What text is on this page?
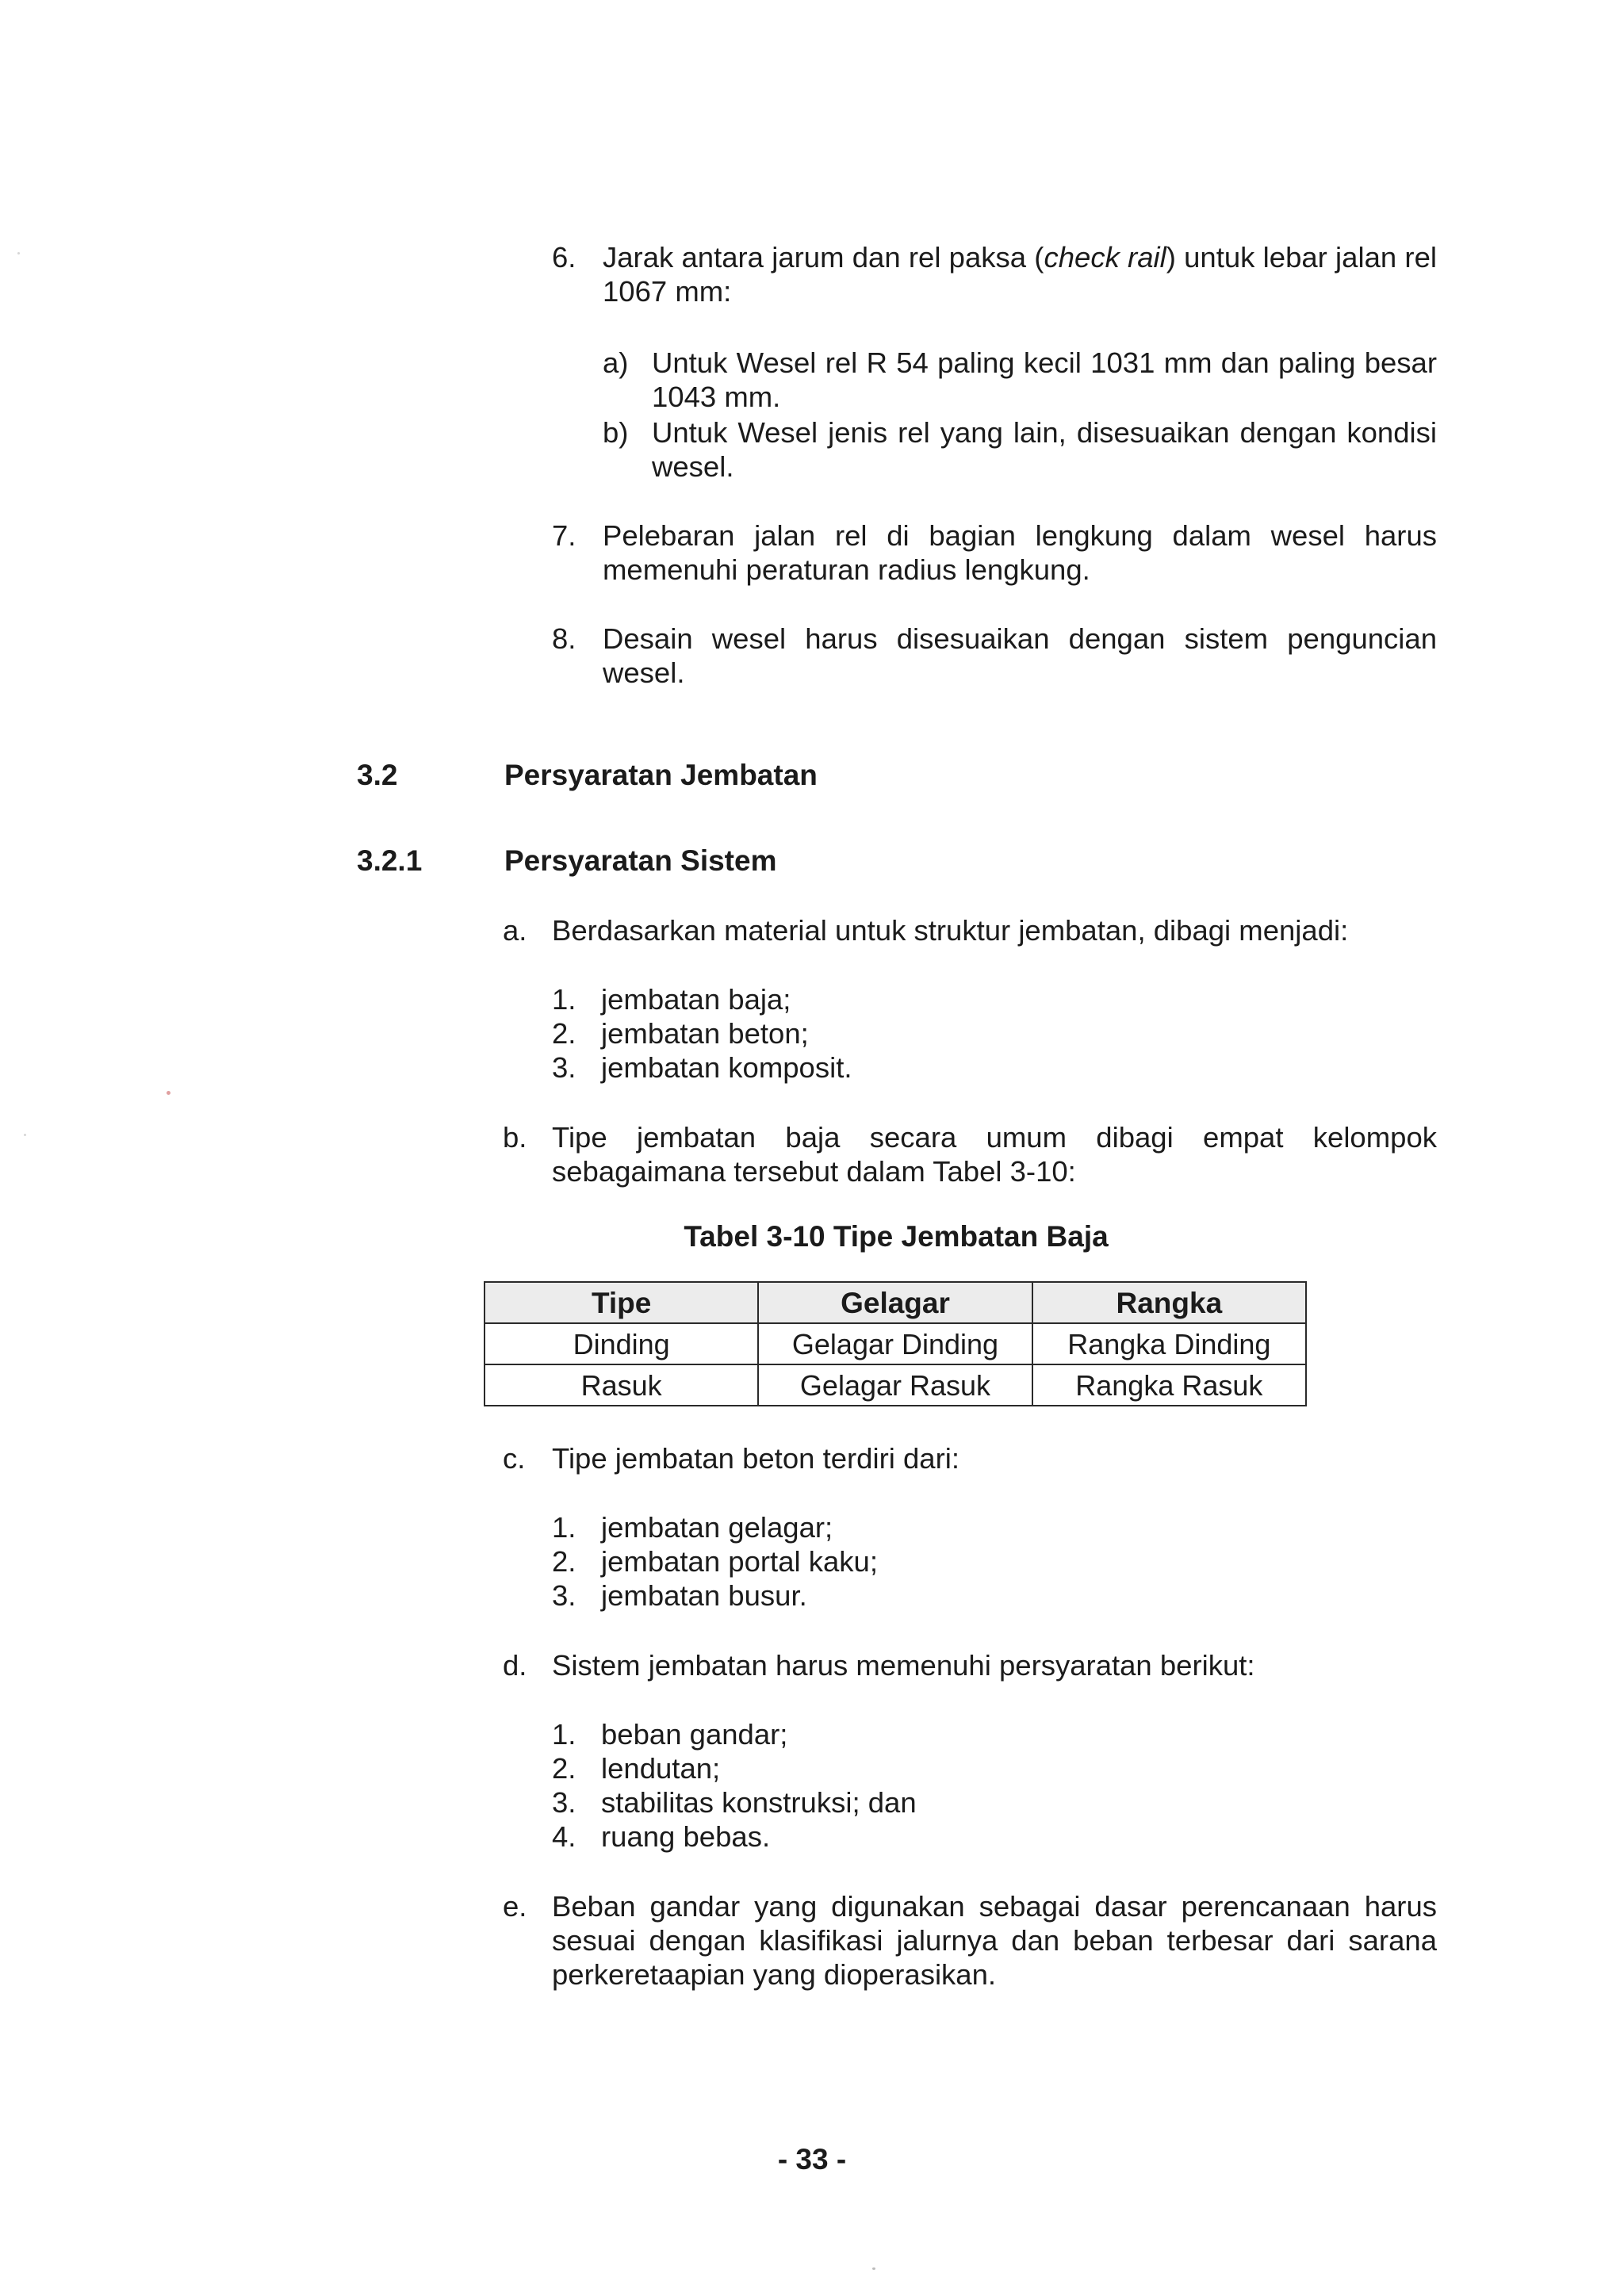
6. Jarak antara jarum dan rel paksa (check rail) untuk lebar jalan rel 1067 mm:
a) Untuk Wesel rel R 54 paling kecil 1031 mm dan paling besar 1043 mm.
b) Untuk Wesel jenis rel yang lain, disesuaikan dengan kondisi wesel.
7. Pelebaran jalan rel di bagian lengkung dalam wesel harus memenuhi peraturan radius lengkung.
8. Desain wesel harus disesuaikan dengan sistem penguncian wesel.
3.2	Persyaratan Jembatan
3.2.1	Persyaratan Sistem
a. Berdasarkan material untuk struktur jembatan, dibagi menjadi:
1. jembatan baja;
2. jembatan beton;
3. jembatan komposit.
b. Tipe jembatan baja secara umum dibagi empat kelompok sebagaimana tersebut dalam Tabel 3-10:
Tabel 3-10 Tipe Jembatan Baja
Tipe	Gelagar	Rangka
Dinding	Gelagar Dinding	Rangka Dinding
Rasuk	Gelagar Rasuk	Rangka Rasuk
c. Tipe jembatan beton terdiri dari:
1. jembatan gelagar;
2. jembatan portal kaku;
3. jembatan busur.
d. Sistem jembatan harus memenuhi persyaratan berikut:
1. beban gandar;
2. lendutan;
3. stabilitas konstruksi; dan
4. ruang bebas.
e. Beban gandar yang digunakan sebagai dasar perencanaan harus sesuai dengan klasifikasi jalurnya dan beban terbesar dari sarana perkeretaapian yang dioperasikan.
- 33 -
